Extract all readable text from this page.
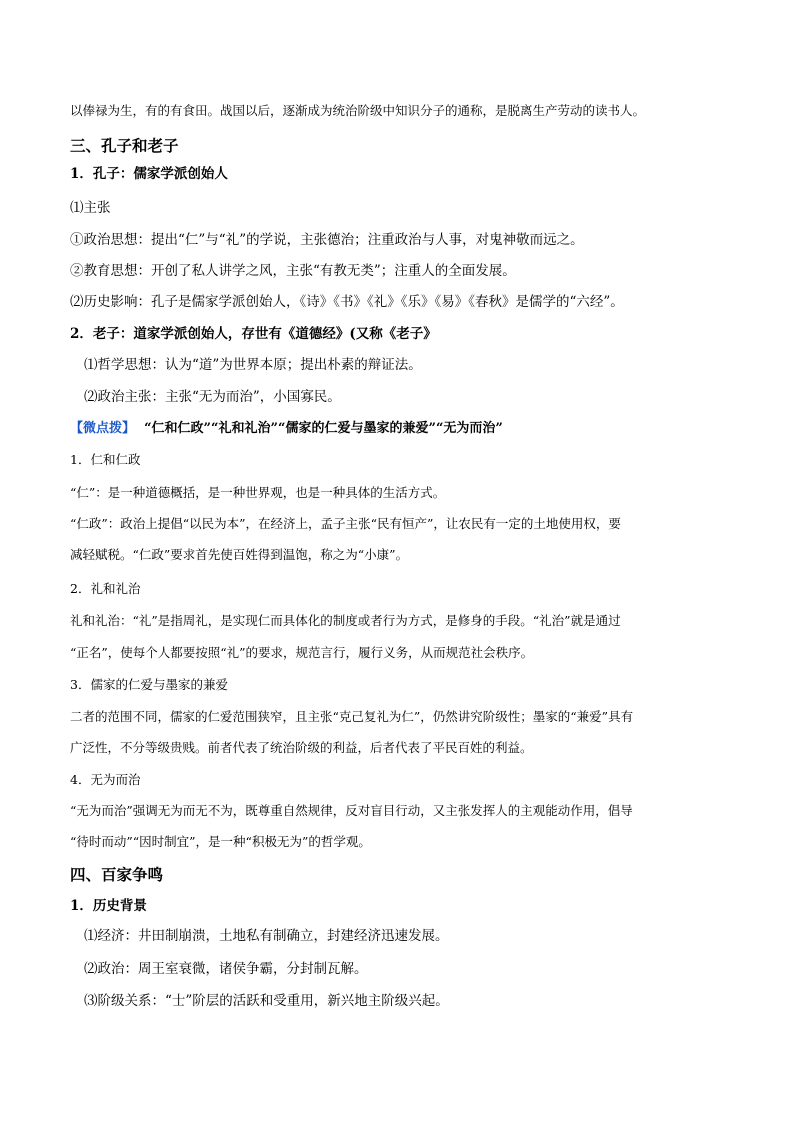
以俸禄为生，有的有食田。战国以后，逐渐成为统治阶级中知识分子的通称，是脱离生产劳动的读书人。
三、孔子和老子
1．孔子：儒家学派创始人
⑴主张
①政治思想：提出“仁”与“礼”的学说，主张德治；注重政治与人事，对鬼神敬而远之。
②教育思想：开创了私人讲学之风，主张“有教无类”；注重人的全面发展。
⑵历史影响：孔子是儒家学派创始人，《诗》《书》《礼》《乐》《易》《春秋》是儒学的“六经”。
2．老子：道家学派创始人，存世有《道德经》(又称《老子》
⑴哲学思想：认为“道”为世界本原；提出朴素的辩证法。
⑵政治主张：主张“无为而治”，小国寡民。
【微点拨】 “仁和仁政”“礼和礼治”“儒家的仁爱与墨家的兼爱”“无为而治”
1．仁和仁政
“仁”：是一种道德概括，是一种世界观，也是一种具体的生活方式。
“仁政”：政治上提倡“以民为本”，在经济上，孟子主张“民有恒产”，让农民有一定的土地使用权，要
减轻赋税。“仁政”要求首先使百姓得到温饱，称之为“小康”。
2．礼和礼治
礼和礼治：“礼”是指周礼，是实现仁而具体化的制度或者行为方式，是修身的手段。“礼治”就是通过
“正名”，使每个人都要按照“礼”的要求，规范言行，履行义务，从而规范社会秩序。
3．儒家的仁爱与墨家的兼爱
二者的范围不同，儒家的仁爱范围狭窄，且主张“克己复礼为仁”，仍然讲究阶级性；墨家的“兼爱”具有
广泛性，不分等级贵贱。前者代表了统治阶级的利益，后者代表了平民百姓的利益。
4．无为而治
“无为而治”强调无为而无不为，既尊重自然规律，反对盲目行动，又主张发挥人的主观能动作用，倡导
“待时而动”“因时制宜”，是一种“积极无为”的哲学观。
四、百家争鸣
1．历史背景
⑴经济：井田制崩溃，土地私有制确立，封建经济迅速发展。
⑵政治：周王室衰微，诸侯争霸，分封制瓦解。
⑶阶级关系：“士”阶层的活跃和受重用，新兴地主阶级兴起。
